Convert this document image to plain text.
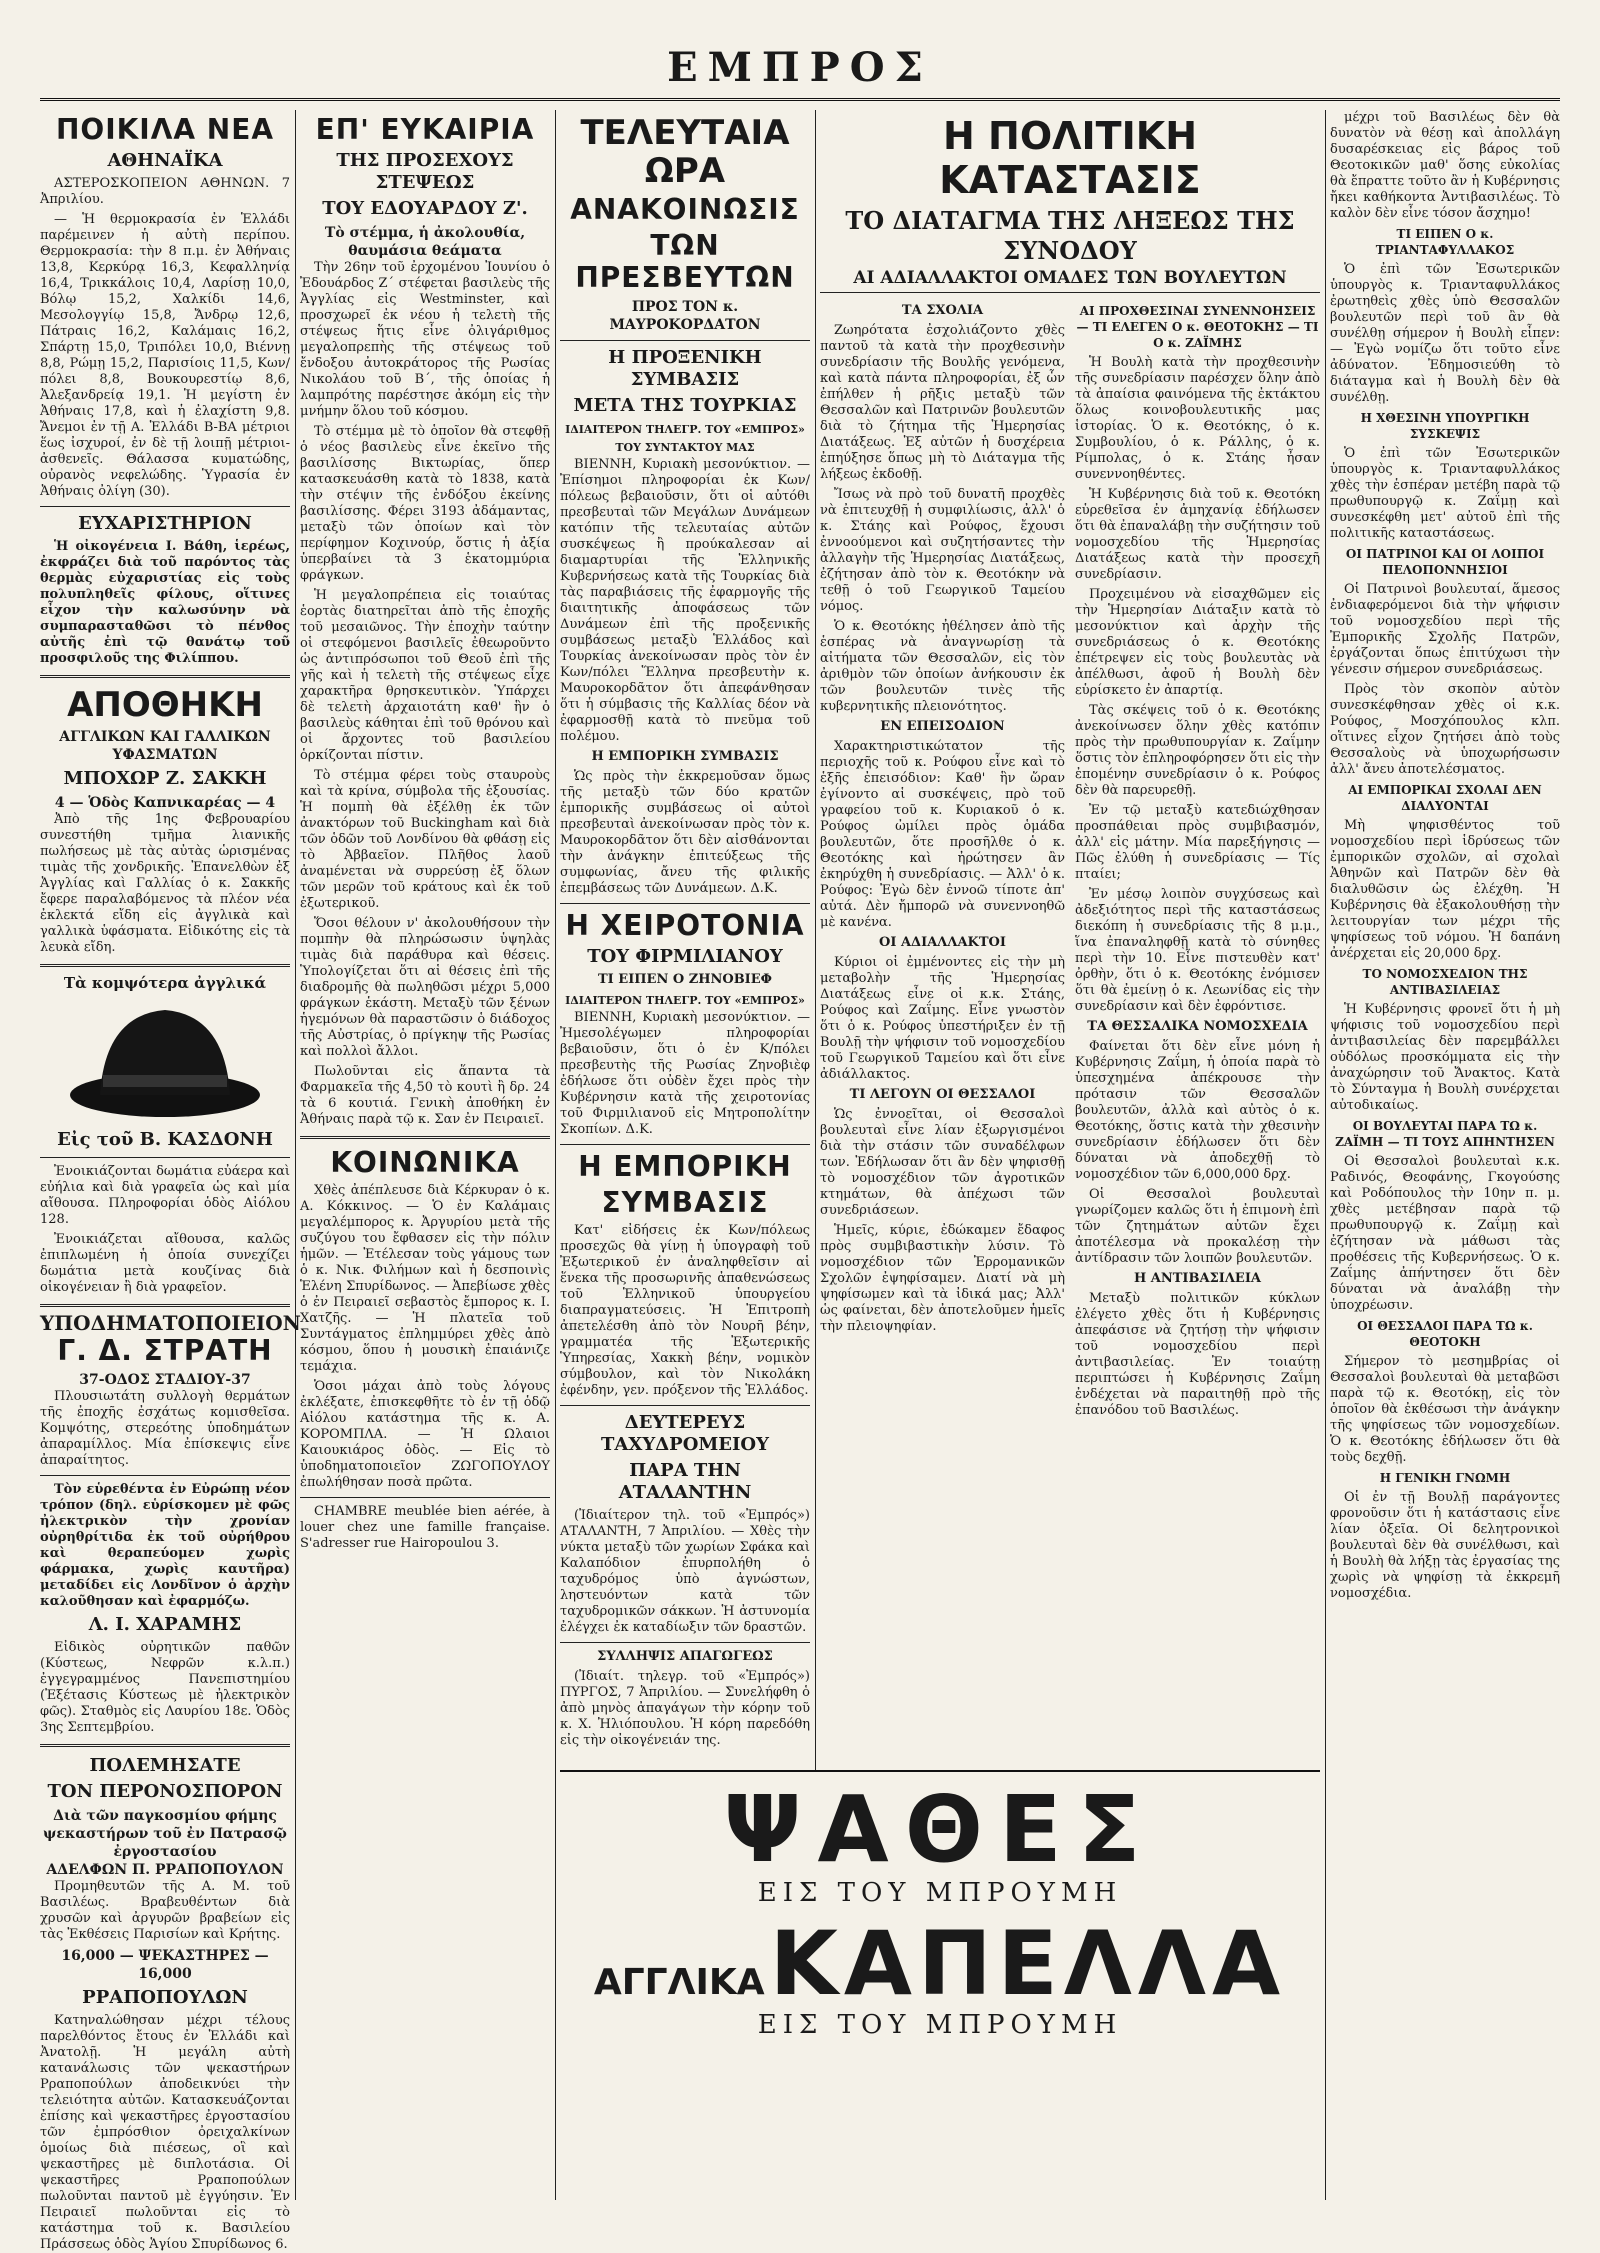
ΕΜΠΡΟΣ
ΠΟΙΚΙΛΑ ΝΕΑ
ΑΘΗΝΑΪΚΑ

ΑΣΤΕΡΟΣΚΟΠΕΙΟΝ ΑΘΗΝΩΝ. 7 Ἀπριλίου.

— Ἡ θερμοκρασία ἐν Ἑλλάδι παρέμεινεν ἡ αὐτὴ περίπου. Θερμοκρασία: τὴν 8 π.μ. ἐν Ἀθήναις 13,8, Κερκύρᾳ 16,3, Κεφαλληνίᾳ 16,4, Τρικκάλοις 10,4, Λαρίσῃ 10,0, Βόλῳ 15,2, Χαλκίδι 14,6, Μεσολογγίῳ 15,8, Ἄνδρῳ 12,6, Πάτραις 16,2, Καλάμαις 16,2, Σπάρτῃ 15,0, Τριπόλει 10,0, Βιέννῃ 8,8, Ρώμῃ 15,2, Παρισίοις 11,5, Κων/πόλει 8,8, Βουκουρεστίῳ 8,6, Ἀλεξανδρείᾳ 19,1. Ἡ μεγίστη ἐν Ἀθήναις 17,8, καὶ ἡ ἐλαχίστη 9,8. Ἄνεμοι ἐν τῇ Α. Ἑλλάδι Β-ΒΑ μέτριοι ἕως ἰσχυροί, ἐν δὲ τῇ λοιπῇ μέτριοι-ἀσθενεῖς. Θάλασσα κυματώδης, οὐρανὸς νεφελώδης. Ὑγρασία ἐν Ἀθήναις ὀλίγη (30).

ΕΥΧΑΡΙΣΤΗΡΙΟΝ

Ἡ οἰκογένεια Ι. Βάθη, ἱερέως, ἐκφράζει διὰ τοῦ παρόντος τὰς θερμὰς εὐχαριστίας εἰς τοὺς πολυπληθεῖς φίλους, οἵτινες εἶχον τὴν καλωσύνην νὰ συμπαρασταθῶσι τὸ πένθος αὐτῆς ἐπὶ τῷ θανάτῳ τοῦ προσφιλοῦς της Φιλίππου.

ΑΠΟΘΗΚΗ
ΑΓΓΛΙΚΩΝ ΚΑΙ ΓΑΛΛΙΚΩΝ ΥΦΑΣΜΑΤΩΝ
ΜΠΟΧΩΡ Ζ. ΣΑΚΚΗ
4 — Ὁδὸς Καπνικαρέας — 4

Ἀπὸ τῆς 1ης Φεβρουαρίου συνεστήθη τμῆμα λιανικῆς πωλήσεως μὲ τὰς αὐτὰς ὡρισμένας τιμὰς τῆς χονδρικῆς. Ἐπανελθὼν ἐξ Ἀγγλίας καὶ Γαλλίας ὁ κ. Σακκῆς ἔφερε παραλαβόμενος τὰ πλέον νέα ἐκλεκτά εἴδη εἰς ἀγγλικὰ καὶ γαλλικὰ ὑφάσματα. Εἰδικότης εἰς τὰ λευκὰ εἴδη.

Τὰ κομψότερα ἀγγλικά
Εἰς τοῦ Β. ΚΑΣΔΟΝΗ

Ἐνοικιάζονται δωμάτια εὐάερα καὶ εὐήλια καὶ διὰ γραφεῖα ὡς καὶ μία αἴθουσα. Πληροφορίαι ὁδὸς Αἰόλου 128.

Ἐνοικιάζεται αἴθουσα, καλῶς ἐπιπλωμένη ἡ ὁποία συνεχίζει δωμάτια μετὰ κουζίνας διὰ οἰκογένειαν ἢ διὰ γραφεῖον.

ΥΠΟΔΗΜΑΤΟΠΟΙΕΙΟΝ
Γ. Δ. ΣΤΡΑΤΗ
37-ΟΔΟΣ ΣΤΑΔΙΟΥ-37

Πλουσιωτάτη συλλογὴ θερμάτων τῆς ἐποχῆς ἐσχάτως κομισθεῖσα. Κομψότης, στερεότης ὑποδημάτων ἀπαραμίλλος. Μία ἐπίσκεψις εἶνε ἀπαραίτητος.

Τὸν εὑρεθέντα ἐν Εὐρώπῃ νέον τρόπον (δηλ. εὑρίσκομεν μὲ φῶς ἠλεκτρικὸν τὴν χρονίαν οὐρηθρίτιδα ἐκ τοῦ οὐρήθρου καὶ θεραπεύομεν χωρὶς φάρμακα, χωρὶς καυτῆρα) μεταδίδει εἰς Λονδῖνον ὁ ἀρχὴν καλοῦθησαν καὶ ἐφαρμόζω.

Λ. Ι. ΧΑΡΑΜΗΣ

Εἰδικὸς οὐρητικῶν παθῶν (Κύστεως, Νεφρῶν κ.λ.π.) ἐγγεγραμμένος Πανεπιστημίου (Ἐξέτασις Κύστεως μὲ ἠλεκτρικὸν φῶς). Σταθμὸς εἰς Λαυρίου 18ε. Ὁδὸς 3ης Σεπτεμβρίου.

ΠΟΛΕΜΗΣΑΤΕ
ΤΟΝ ΠΕΡΟΝΟΣΠΟΡΟΝ
Διὰ τῶν παγκοσμίου φήμης ψεκαστήρων τοῦ ἐν Πατρασῷ ἐργοστασίου
ΑΔΕΛΦΩΝ Π. ΡΡΑΠΟΠΟΥΛΟΝ

Προμηθευτῶν τῆς Α. Μ. τοῦ Βασιλέως. Βραβευθέντων διὰ χρυσῶν καὶ ἀργυρῶν βραβείων εἰς τὰς Ἐκθέσεις Παρισίων καὶ Κρήτης.

16,000 — ΨΕΚΑΣΤΗΡΕΣ — 16,000
ΡΡΑΠΟΠΟΥΛΩΝ

Κατηναλώθησαν μέχρι τέλους παρελθόντος ἔτους ἐν Ἑλλάδι καὶ Ἀνατολῇ. Ἡ μεγάλη αὐτὴ κατανάλωσις τῶν ψεκαστήρων Ρραποπούλων ἀποδεικνύει τὴν τελειότητα αὐτῶν. Κατασκευάζονται ἐπίσης καὶ ψεκαστῆρες ἐργοστασίου τῶν ἐμπρόσθιον ὀρειχαλκίνων ὁμοίως διὰ πιέσεως, οἳ καὶ ψεκαστῆρες μὲ διπλοτάσια. Οἱ ψεκαστῆρες Ρραποπούλων πωλοῦνται παντοῦ μὲ ἐγγύησιν. Ἐν Πειραιεῖ πωλοῦνται εἰς τὸ κατάστημα τοῦ κ. Βασιλείου Πράσσεως ὁδὸς Ἁγίου Σπυρίδωνος 6.

ΕΠ' ΕΥΚΑΙΡΙΑ
ΤΗΣ ΠΡΟΣΕΧΟΥΣ ΣΤΕΨΕΩΣ
ΤΟΥ ΕΔΟΥΑΡΔΟΥ Ζ'.
Τὸ στέμμα, ἡ ἀκολουθία, θαυμάσια θεάματα

Τὴν 26ην τοῦ ἐρχομένου Ἰουνίου ὁ Ἐδουάρδος Ζ΄ στέφεται βασιλεὺς τῆς Ἀγγλίας εἰς Westminster, καὶ προσχωρεῖ ἐκ νέου ἡ τελετὴ τῆς στέψεως ἥτις εἶνε ὀλιγάριθμος μεγαλοπρεπὴς τῆς στέψεως τοῦ ἔνδοξου ἀυτοκράτορος τῆς Ρωσίας Νικολάου τοῦ Β΄, τῆς ὁποίας ἡ λαμπρότης παρέστησε ἀκόμη εἰς τὴν μνήμην ὅλου τοῦ κόσμου.

Τὸ στέμμα μὲ τὸ ὁποῖον θὰ στεφθῇ ὁ νέος βασιλεὺς εἶνε ἐκεῖνο τῆς βασιλίσσης Βικτωρίας, ὅπερ κατασκευάσθη κατὰ τὸ 1838, κατὰ τὴν στέψιν τῆς ἐνδόξου ἐκείνης βασιλίσσης. Φέρει 3193 ἀδάμαντας, μεταξὺ τῶν ὁποίων καὶ τὸν περίφημον Κοχινούρ, ὅστις ἡ ἀξία ὑπερβαίνει τὰ 3 ἑκατομμύρια φράγκων.

Ἡ μεγαλοπρέπεια εἰς τοιαύτας ἑορτὰς διατηρεῖται ἀπὸ τῆς ἐποχῆς τοῦ μεσαιῶνος. Τὴν ἐποχὴν ταύτην οἱ στεφόμενοι βασιλεῖς ἐθεωροῦντο ὡς ἀντιπρόσωποι τοῦ Θεοῦ ἐπὶ τῆς γῆς καὶ ἡ τελετὴ τῆς στέψεως εἶχε χαρακτῆρα θρησκευτικὸν. Ὑπάρχει δὲ τελετὴ ἀρχαιοτάτη καθ' ἣν ὁ βασιλεὺς κάθηται ἐπὶ τοῦ θρόνου καὶ οἱ ἄρχοντες τοῦ βασιλείου ὁρκίζονται πίστιν.

Τὸ στέμμα φέρει τοὺς σταυροὺς καὶ τὰ κρίνα, σύμβολα τῆς ἐξουσίας. Ἡ πομπὴ θὰ ἐξέλθῃ ἐκ τῶν ἀνακτόρων τοῦ Buckingham καὶ διὰ τῶν ὁδῶν τοῦ Λονδίνου θὰ φθάσῃ εἰς τὸ Ἀββαεῖον. Πλῆθος λαοῦ ἀναμένεται νὰ συρρεύσῃ ἐξ ὅλων τῶν μερῶν τοῦ κράτους καὶ ἐκ τοῦ ἐξωτερικοῦ.

Ὅσοι θέλουν ν' ἀκολουθήσουν τὴν πομπὴν θὰ πληρώσωσιν ὑψηλὰς τιμὰς διὰ παράθυρα καὶ θέσεις. Ὑπολογίζεται ὅτι αἱ θέσεις ἐπὶ τῆς διαδρομῆς θὰ πωληθῶσι μέχρι 5,000 φράγκων ἑκάστη. Μεταξὺ τῶν ξένων ἡγεμόνων θὰ παραστῶσιν ὁ διάδοχος τῆς Αὐστρίας, ὁ πρίγκηψ τῆς Ρωσίας καὶ πολλοὶ ἄλλοι.

Πωλοῦνται εἰς ἅπαντα τὰ Φαρμακεῖα τῆς 4,50 τὸ κουτὶ ἢ δρ. 24 τὰ 6 κουτιά. Γενικὴ ἀποθήκη ἐν Ἀθήναις παρὰ τῷ κ. Σαν ἐν Πειραιεῖ.

ΚΟΙΝΩΝΙΚΑ

Χθὲς ἀπέπλευσε διὰ Κέρκυραν ὁ κ. Α. Κόκκινος. — Ὁ ἐν Καλάμαις μεγαλέμπορος κ. Ἀργυρίου μετὰ τῆς συζύγου του ἔφθασεν εἰς τὴν πόλιν ἡμῶν. — Ἐτέλεσαν τοὺς γάμους των ὁ κ. Νικ. Φιλήμων καὶ ἡ δεσποινὶς Ἑλένη Σπυρίδωνος. — Ἀπεβίωσε χθὲς ὁ ἐν Πειραιεῖ σεβαστὸς ἔμπορος κ. Ι. Χατζῆς. — Ἡ πλατεῖα τοῦ Συντάγματος ἐπλημμύρει χθὲς ἀπὸ κόσμου, ὅπου ἡ μουσικὴ ἐπαιάνιζε τεμάχια.

Ὁσοι μάχαι ἀπὸ τοὺς λόγους ἐκλέξατε, ἐπισκεφθῆτε τὸ ἐν τῇ ὁδῷ Αἰόλου κατάστημα τῆς κ. Α. ΚΟΡΟΜΠΛΑ. — Ἡ Ωλαιοι Καιουκιάρος ὁδὸς. — Εἰς τὸ ὑποδηματοποιεῖον ΖΩΓΟΠΟΥΛΟΥ ἐπωλήθησαν ποσὰ πρῶτα.

CHAMBRE meublée bien aérée, à louer chez une famille française. S'adresser rue Hairopoulou 3.

ΤΕΛΕΥΤΑΙΑ ΩΡΑ
ΑΝΑΚΟΙΝΩΣΙΣ
ΤΩΝ ΠΡΕΣΒΕΥΤΩΝ
ΠΡΟΣ ΤΟΝ κ. ΜΑΥΡΟΚΟΡΔΑΤΟΝ
Η ΠΡΟΞΕΝΙΚΗ ΣΥΜΒΑΣΙΣ
ΜΕΤΑ ΤΗΣ ΤΟΥΡΚΙΑΣ
ΙΔΙΑΙΤΕΡΟΝ ΤΗΛΕΓΡ. ΤΟΥ «ΕΜΠΡΟΣ» ΤΟΥ ΣΥΝΤΑΚΤΟΥ ΜΑΣ

ΒΙΕΝΝΗ, Κυριακὴ μεσονύκτιον. — Ἐπίσημοι πληροφορίαι ἐκ Κων/πόλεως βεβαιοῦσιν, ὅτι οἱ αὐτόθι πρεσβευταὶ τῶν Μεγάλων Δυνάμεων κατόπιν τῆς τελευταίας αὐτῶν συσκέψεως ἢ προύκαλεσαν αἱ διαμαρτυρίαι τῆς Ἑλληνικῆς Κυβερνήσεως κατὰ τῆς Τουρκίας διὰ τὰς παραβιάσεις τῆς ἐφαρμογῆς τῆς διαιτητικῆς ἀποφάσεως τῶν Δυνάμεων ἐπὶ τῆς προξενικῆς συμβάσεως μεταξὺ Ἑλλάδος καὶ Τουρκίας ἀνεκοίνωσαν πρὸς τὸν ἐν Κων/πόλει Ἕλληνα πρεσβευτὴν κ. Μαυροκορδᾶτον ὅτι ἀπεφάνθησαν ὅτι ἡ σύμβασις τῆς Καλλίας δέον νὰ ἐφαρμοσθῇ κατὰ τὸ πνεῦμα τοῦ πολέμου.

Η ΕΜΠΟΡΙΚΗ ΣΥΜΒΑΣΙΣ

Ὡς πρὸς τὴν ἐκκρεμοῦσαν ὅμως τῆς μεταξὺ τῶν δύο κρατῶν ἐμπορικῆς συμβάσεως οἱ αὐτοὶ πρεσβευταὶ ἀνεκοίνωσαν πρὸς τὸν κ. Μαυροκορδᾶτον ὅτι δὲν αἰσθάνονται τὴν ἀνάγκην ἐπιτεύξεως τῆς συμφωνίας, ἄνευ τῆς φιλικῆς ἐπεμβάσεως τῶν Δυνάμεων. Δ.Κ.

Η ΧΕΙΡΟΤΟΝΙΑ
ΤΟΥ ΦΙΡΜΙΛΙΑΝΟΥ
ΤΙ ΕΙΠΕΝ Ο ΖΗΝΟΒΙΕΦ
ΙΔΙΑΙΤΕΡΟΝ ΤΗΛΕΓΡ. ΤΟΥ «ΕΜΠΡΟΣ»

ΒΙΕΝΝΗ, Κυριακὴ μεσονύκτιον. — Ἠμεσολέγωμεν πληροφορίαι βεβαιοῦσιν, ὅτι ὁ ἐν Κ/πόλει πρεσβευτὴς τῆς Ρωσίας Ζηνοβιὲφ ἐδήλωσε ὅτι οὐδὲν ἔχει πρὸς τὴν Κυβέρνησιν κατὰ τῆς χειροτονίας τοῦ Φιρμιλιανοῦ εἰς Μητροπολίτην Σκοπίων. Δ.Κ.

Η ΕΜΠΟΡΙΚΗ
ΣΥΜΒΑΣΙΣ

Κατ' εἰδήσεις ἐκ Κων/πόλεως προσεχῶς θὰ γίνῃ ἡ ὑπογραφὴ τοῦ Ἐξωτερικοῦ ἐν ἀναληφθεῖσιν αἱ ἕνεκα τῆς προσωρινῆς ἀπαθενώσεως τοῦ Ἑλληνικοῦ ὑπουργείου διαπραγματεύσεις. Ἡ Ἐπιτροπὴ ἀπετελέσθη ἀπὸ τὸν Νουρῆ βέην, γραμματέα τῆς Ἐξωτερικῆς Ὑπηρεσίας, Χακκὴ βέην, νομικὸν σύμβουλον, καὶ τὸν Νικολάκη ἐφένδην, γεν. πρόξενον τῆς Ἑλλάδος.

ΔΕΥΤΕΡΕΥΣ ΤΑΧΥΔΡΟΜΕΙΟΥ
ΠΑΡΑ ΤΗΝ ΑΤΑΛΑΝΤΗΝ

(Ἰδιαίτερον τηλ. τοῦ «Ἐμπρός») ΑΤΑΛΑΝΤΗ, 7 Ἀπριλίου. — Χθὲς τὴν νύκτα μεταξὺ τῶν χωρίων Σφάκα καὶ Καλαπόδιον ἐπυρπολήθη ὁ ταχυδρόμος ὑπὸ ἀγνώστων, ληστευόντων κατὰ τῶν ταχυδρομικῶν σάκκων. Ἡ ἀστυνομία ἐλέγχει ἐκ καταδίωξιν τῶν δραστῶν.

ΣΥΛΛΗΨΙΣ ΑΠΑΓΩΓΕΩΣ

(Ἰδιαίτ. τηλεγρ. τοῦ «Ἐμπρός») ΠΥΡΓΟΣ, 7 Ἀπριλίου. — Συνελήφθη ὁ ἀπὸ μηνὸς ἀπαγάγων τὴν κόρην τοῦ κ. Χ. Ἠλιόπουλου. Ἡ κόρη παρεδόθη εἰς τὴν οἰκογένειάν της.

Η ΠΟΛΙΤΙΚΗ ΚΑΤΑΣΤΑΣΙΣ
ΤΟ ΔΙΑΤΑΓΜΑ ΤΗΣ ΛΗΞΕΩΣ ΤΗΣ ΣΥΝΟΔΟΥ
ΑΙ ΑΔΙΑΛΛΑΚΤΟΙ ΟΜΑΔΕΣ ΤΩΝ ΒΟΥΛΕΥΤΩΝ
ΤΑ ΣΧΟΛΙΑ

Ζωηρότατα ἐσχολιάζοντο χθὲς παντοῦ τὰ κατὰ τὴν προχθεσινὴν συνεδρίασιν τῆς Βουλῆς γενόμενα, καὶ κατὰ πάντα πληροφορίαι, ἐξ ὧν ἐπήλθεν ἡ ρῆξις μεταξὺ τῶν Θεσσαλῶν καὶ Πατρινῶν βουλευτῶν διὰ τὸ ζήτημα τῆς Ἡμερησίας Διατάξεως. Ἐξ αὐτῶν ἡ δυσχέρεια ἐπηύξησε ὅπως μὴ τὸ Διάταγμα τῆς λήξεως ἐκδοθῇ.

Ἴσως νὰ πρὸ τοῦ δυνατῆ προχθὲς νὰ ἐπιτευχθῇ ἡ συμφιλίωσις, ἀλλ' ὁ κ. Στάης καὶ Ρούφος, ἔχουσι ἐννοούμενοι καὶ συζητήσαντες τὴν ἀλλαγὴν τῆς Ἡμερησίας Διατάξεως, ἐζήτησαν ἀπὸ τὸν κ. Θεοτόκην νὰ τεθῇ ὁ τοῦ Γεωργικοῦ Ταμείου νόμος.

Ὁ κ. Θεοτόκης ἠθέλησεν ἀπὸ τῆς ἑσπέρας νὰ ἀναγνωρίσῃ τὰ αἰτήματα τῶν Θεσσαλῶν, εἰς τὸν ἀριθμὸν τῶν ὁποίων ἀνήκουσιν ἐκ τῶν βουλευτῶν τινὲς τῆς κυβερνητικῆς πλειονότητος.

ΕΝ ΕΠΕΙΣΟΔΙΟΝ

Χαρακτηριστικώτατον τῆς περιοχῆς τοῦ κ. Ρούφου εἶνε καὶ τὸ ἑξῆς ἐπεισόδιον: Καθ' ἣν ὥραν ἐγίνοντο αἱ συσκέψεις, πρὸ τοῦ γραφείου τοῦ κ. Κυριακοῦ ὁ κ. Ρούφος ὠμίλει πρὸς ὁμάδα βουλευτῶν, ὅτε προσῆλθε ὁ κ. Θεοτόκης καὶ ἠρώτησεν ἂν ἐκηρύχθη ἡ συνεδρίασις. — Ἀλλ' ὁ κ. Ρούφος: Ἐγὼ δὲν ἐννοῶ τίποτε ἀπ' αὐτά. Δὲν ἤμπορῶ νὰ συνεννοηθῶ μὲ κανένα.

ΟΙ ΑΔΙΑΛΛΑΚΤΟΙ

Κύριοι οἱ ἐμμένοντες εἰς τὴν μὴ μεταβολὴν τῆς Ἡμερησίας Διατάξεως εἶνε οἱ κ.κ. Στάης, Ρούφος καὶ Ζαΐμης. Εἶνε γνωστὸν ὅτι ὁ κ. Ρούφος ὑπεστήριξεν ἐν τῇ Βουλῇ τὴν ψήφισιν τοῦ νομοσχεδίου τοῦ Γεωργικοῦ Ταμείου καὶ ὅτι εἶνε ἀδιάλλακτος.

ΤΙ ΛΕΓΟΥΝ ΟΙ ΘΕΣΣΑΛΟΙ

Ὡς ἐννοεῖται, οἱ Θεσσαλοὶ βουλευταὶ εἶνε λίαν ἐξωργισμένοι διὰ τὴν στάσιν τῶν συναδέλφων των. Ἐδήλωσαν ὅτι ἂν δὲν ψηφισθῇ τὸ νομοσχέδιον τῶν ἀγροτικῶν κτημάτων, θὰ ἀπέχωσι τῶν συνεδριάσεων.

Ἡμεῖς, κύριε, ἐδώκαμεν ἔδαφος πρὸς συμβιβαστικὴν λύσιν. Τὸ νομοσχέδιον τῶν Ἐρρομανικῶν Σχολῶν ἐψηφίσαμεν. Διατί νὰ μὴ ψηφίσωμεν καὶ τὰ ἰδικά μας; Ἀλλ' ὡς φαίνεται, δὲν ἀποτελοῦμεν ἡμεῖς τὴν πλειοψηφίαν.

ΑΙ ΠΡΟΧΘΕΣΙΝΑΙ ΣΥΝΕΝΝΟΗΣΕΙΣ — ΤΙ ΕΛΕΓΕΝ Ο κ. ΘΕΟΤΟΚΗΣ — ΤΙ Ο κ. ΖΑΪΜΗΣ

Ἡ Βουλὴ κατὰ τὴν προχθεσινὴν τῆς συνεδρίασιν παρέσχεν ὅλην ἀπὸ τὰ ἀπαίσια φαινόμενα τῆς ἐκτάκτου ὅλως κοινοβουλευτικῆς μας ἱστορίας. Ὁ κ. Θεοτόκης, ὁ κ. Συμβουλίου, ὁ κ. Ράλλης, ὁ κ. Ρίμπολας, ὁ κ. Στάης ἦσαν συνεννοηθέντες.

Ἡ Κυβέρνησις διὰ τοῦ κ. Θεοτόκη εὑρεθεῖσα ἐν ἀμηχανίᾳ ἐδήλωσεν ὅτι θὰ ἐπαναλάβῃ τὴν συζήτησιν τοῦ νομοσχεδίου τῆς Ἡμερησίας Διατάξεως κατὰ τὴν προσεχῆ συνεδρίασιν.

Προχειμένου νὰ εἰσαχθῶμεν εἰς τὴν Ἡμερησίαν Διάταξιν κατὰ τὸ μεσονύκτιον καὶ ἀρχὴν τῆς συνεδριάσεως ὁ κ. Θεοτόκης ἐπέτρεψεν εἰς τοὺς βουλευτὰς νὰ ἀπέλθωσι, ἀφοῦ ἡ Βουλὴ δὲν εὑρίσκετο ἐν ἀπαρτίᾳ.

Τὰς σκέψεις τοῦ ὁ κ. Θεοτόκης ἀνεκοίνωσεν ὅλην χθὲς κατόπιν πρὸς τὴν πρωθυπουργίαν κ. Ζαΐμην ὅστις τὸν ἐπληροφόρησεν ὅτι εἰς τὴν ἐπομένην συνεδρίασιν ὁ κ. Ρούφος δὲν θὰ παρευρεθῇ.

Ἐν τῷ μεταξὺ κατεδιώχθησαν προσπάθειαι πρὸς συμβιβασμόν, ἀλλ' εἰς μάτην. Μία παρεξήγησις — Πῶς ἐλύθη ἡ συνεδρίασις — Τίς πταίει;

Ἐν μέσῳ λοιπὸν συγχύσεως καὶ ἀδεξιότητος περὶ τῆς καταστάσεως διεκόπη ἡ συνεδρίασις τῆς 8 μ.μ., ἵνα ἐπαναληφθῇ κατὰ τὸ σύνηθες περὶ τὴν 10. Εἶνε πιστευθὲν κατ' ὀρθὴν, ὅτι ὁ κ. Θεοτόκης ἐνόμισεν ὅτι θὰ ἐμείνῃ ὁ κ. Λεωνίδας εἰς τὴν συνεδρίασιν καὶ δὲν ἐφρόντισε.

ΤΑ ΘΕΣΣΑΛΙΚΑ ΝΟΜΟΣΧΕΔΙΑ

Φαίνεται ὅτι δὲν εἶνε μόνη ἡ Κυβέρνησις Ζαΐμη, ἡ ὁποία παρὰ τὸ ὑπεσχημένα ἀπέκρουσε τὴν πρότασιν τῶν Θεσσαλῶν βουλευτῶν, ἀλλὰ καὶ αὐτὸς ὁ κ. Θεοτόκης, ὅστις κατὰ τὴν χθεσινὴν συνεδρίασιν ἐδήλωσεν ὅτι δὲν δύναται νὰ ἀποδεχθῇ τὸ νομοσχέδιον τῶν 6,000,000 δρχ.

Οἱ Θεσσαλοὶ βουλευταὶ γνωρίζομεν καλῶς ὅτι ἡ ἐπιμονὴ ἐπὶ τῶν ζητημάτων αὐτῶν ἔχει ἀποτέλεσμα νὰ προκαλέσῃ τὴν ἀντίδρασιν τῶν λοιπῶν βουλευτῶν.

Η ΑΝΤΙΒΑΣΙΛΕΙΑ

Μεταξὺ πολιτικῶν κύκλων ἐλέγετο χθὲς ὅτι ἡ Κυβέρνησις ἀπεφάσισε νὰ ζητήσῃ τὴν ψήφισιν τοῦ νομοσχεδίου περὶ ἀντιβασιλείας. Ἐν τοιαύτῃ περιπτώσει ἡ Κυβέρνησις Ζαΐμη ἐνδέχεται νὰ παραιτηθῇ πρὸ τῆς ἐπανόδου τοῦ Βασιλέως.

ΨΑΘΕΣ
ΕΙΣ ΤΟΥ ΜΠΡΟΥΜΗ
ΑΓΓΛΙΚΑ ΚΑΠΕΛΛΑ
ΕΙΣ ΤΟΥ ΜΠΡΟΥΜΗ

μέχρι τοῦ Βασιλέως δὲν θὰ δυνατὸν νὰ θέσῃ καὶ ἀπολλάγη δυσαρέσκειας εἰς βάρος τοῦ Θεοτοκικῶν μαθ' ὅσης εὐκολίας θὰ ἔπραττε τοῦτο ἂν ἡ Κυβέρνησις ἤκει καθήκοντα Ἀντιβασιλέως. Τὸ καλὸν δὲν εἶνε τόσον ἄσχημο!

ΤΙ ΕΙΠΕΝ Ο κ. ΤΡΙΑΝΤΑΦΥΛΛΑΚΟΣ

Ὁ ἐπὶ τῶν Ἐσωτερικῶν ὑπουργὸς κ. Τριανταφυλλάκος ἐρωτηθεὶς χθὲς ὑπὸ Θεσσαλῶν βουλευτῶν περὶ τοῦ ἂν θὰ συνέλθῃ σήμερον ἡ Βουλὴ εἶπεν: — Ἐγὼ νομίζω ὅτι τοῦτο εἶνε ἀδύνατον. Ἐδημοσιεύθη τὸ διάταγμα καὶ ἡ Βουλὴ δὲν θὰ συνέλθῃ.

Η ΧΘΕΣΙΝΗ ΥΠΟΥΡΓΙΚΗ ΣΥΣΚΕΨΙΣ

Ὁ ἐπὶ τῶν Ἐσωτερικῶν ὑπουργὸς κ. Τριανταφυλλάκος χθὲς τὴν ἑσπέραν μετέβη παρὰ τῷ πρωθυπουργῷ κ. Ζαΐμῃ καὶ συνεσκέφθη μετ' αὐτοῦ ἐπὶ τῆς πολιτικῆς καταστάσεως.

ΟΙ ΠΑΤΡΙΝΟΙ ΚΑΙ ΟΙ ΛΟΙΠΟΙ ΠΕΛΟΠΟΝΝΗΣΙΟΙ

Οἱ Πατρινοὶ βουλευταί, ἅμεσος ἐνδιαφερόμενοι διὰ τὴν ψήφισιν τοῦ νομοσχεδίου περὶ τῆς Ἐμπορικῆς Σχολῆς Πατρῶν, ἐργάζονται ὅπως ἐπιτύχωσι τὴν γένεσιν σήμερον συνεδριάσεως.

Πρὸς τὸν σκοπὸν αὐτὸν συνεσκέφθησαν χθὲς οἱ κ.κ. Ρούφος, Μοσχόπουλος κλπ. οἵτινες εἶχον ζητήσει ἀπὸ τοὺς Θεσσαλοὺς νὰ ὑποχωρήσωσιν ἀλλ' ἄνευ ἀποτελέσματος.

ΑΙ ΕΜΠΟΡΙΚΑΙ ΣΧΟΛΑΙ ΔΕΝ ΔΙΑΛΥΟΝΤΑΙ

Μὴ ψηφισθέντος τοῦ νομοσχεδίου περὶ ἱδρύσεως τῶν ἐμπορικῶν σχολῶν, αἱ σχολαὶ Ἀθηνῶν καὶ Πατρῶν δὲν θὰ διαλυθῶσιν ὡς ἐλέχθη. Ἡ Κυβέρνησις θὰ ἐξακολουθήσῃ τὴν λειτουργίαν των μέχρι τῆς ψηφίσεως τοῦ νόμου. Ἡ δαπάνη ἀνέρχεται εἰς 20,000 δρχ.

ΤΟ ΝΟΜΟΣΧΕΔΙΟΝ ΤΗΣ ΑΝΤΙΒΑΣΙΛΕΙΑΣ

Ἡ Κυβέρνησις φρονεῖ ὅτι ἡ μὴ ψήφισις τοῦ νομοσχεδίου περὶ ἀντιβασιλείας δὲν παρεμβάλλει οὐδόλως προσκόμματα εἰς τὴν ἀναχώρησιν τοῦ Ἄνακτος. Κατὰ τὸ Σύνταγμα ἡ Βουλὴ συνέρχεται αὐτοδικαίως.

ΟΙ ΒΟΥΛΕΥΤΑΙ ΠΑΡΑ ΤΩ κ. ΖΑΪΜΗ — ΤΙ ΤΟΥΣ ΑΠΗΝΤΗΣΕΝ

Οἱ Θεσσαλοὶ βουλευταὶ κ.κ. Ραδινός, Θεοφάνης, Γκογούσης καὶ Ροδόπουλος τὴν 10ην π. μ. χθὲς μετέβησαν παρὰ τῷ πρωθυπουργῷ κ. Ζαΐμῃ καὶ ἐζήτησαν νὰ μάθωσι τὰς προθέσεις τῆς Κυβερνήσεως. Ὁ κ. Ζαΐμης ἀπήντησεν ὅτι δὲν δύναται νὰ ἀναλάβῃ τὴν ὑποχρέωσιν.

ΟΙ ΘΕΣΣΑΛΟΙ ΠΑΡΑ ΤΩ κ. ΘΕΟΤΟΚΗ

Σήμερον τὸ μεσημβρίας οἱ Θεσσαλοὶ βουλευταὶ θὰ μεταβῶσι παρὰ τῷ κ. Θεοτόκῃ, εἰς τὸν ὁποῖον θὰ ἐκθέσωσι τὴν ἀνάγκην τῆς ψηφίσεως τῶν νομοσχεδίων. Ὁ κ. Θεοτόκης ἐδήλωσεν ὅτι θὰ τοὺς δεχθῇ.

Η ΓΕΝΙΚΗ ΓΝΩΜΗ

Οἱ ἐν τῇ Βουλῇ παράγοντες φρονοῦσιν ὅτι ἡ κατάστασις εἶνε λίαν ὀξεῖα. Οἱ δελητρονικοὶ βουλευταὶ δὲν θὰ συνέλθωσι, καὶ ἡ Βουλὴ θὰ λήξῃ τὰς ἐργασίας της χωρὶς νὰ ψηφίσῃ τὰ ἐκκρεμῆ νομοσχέδια.
